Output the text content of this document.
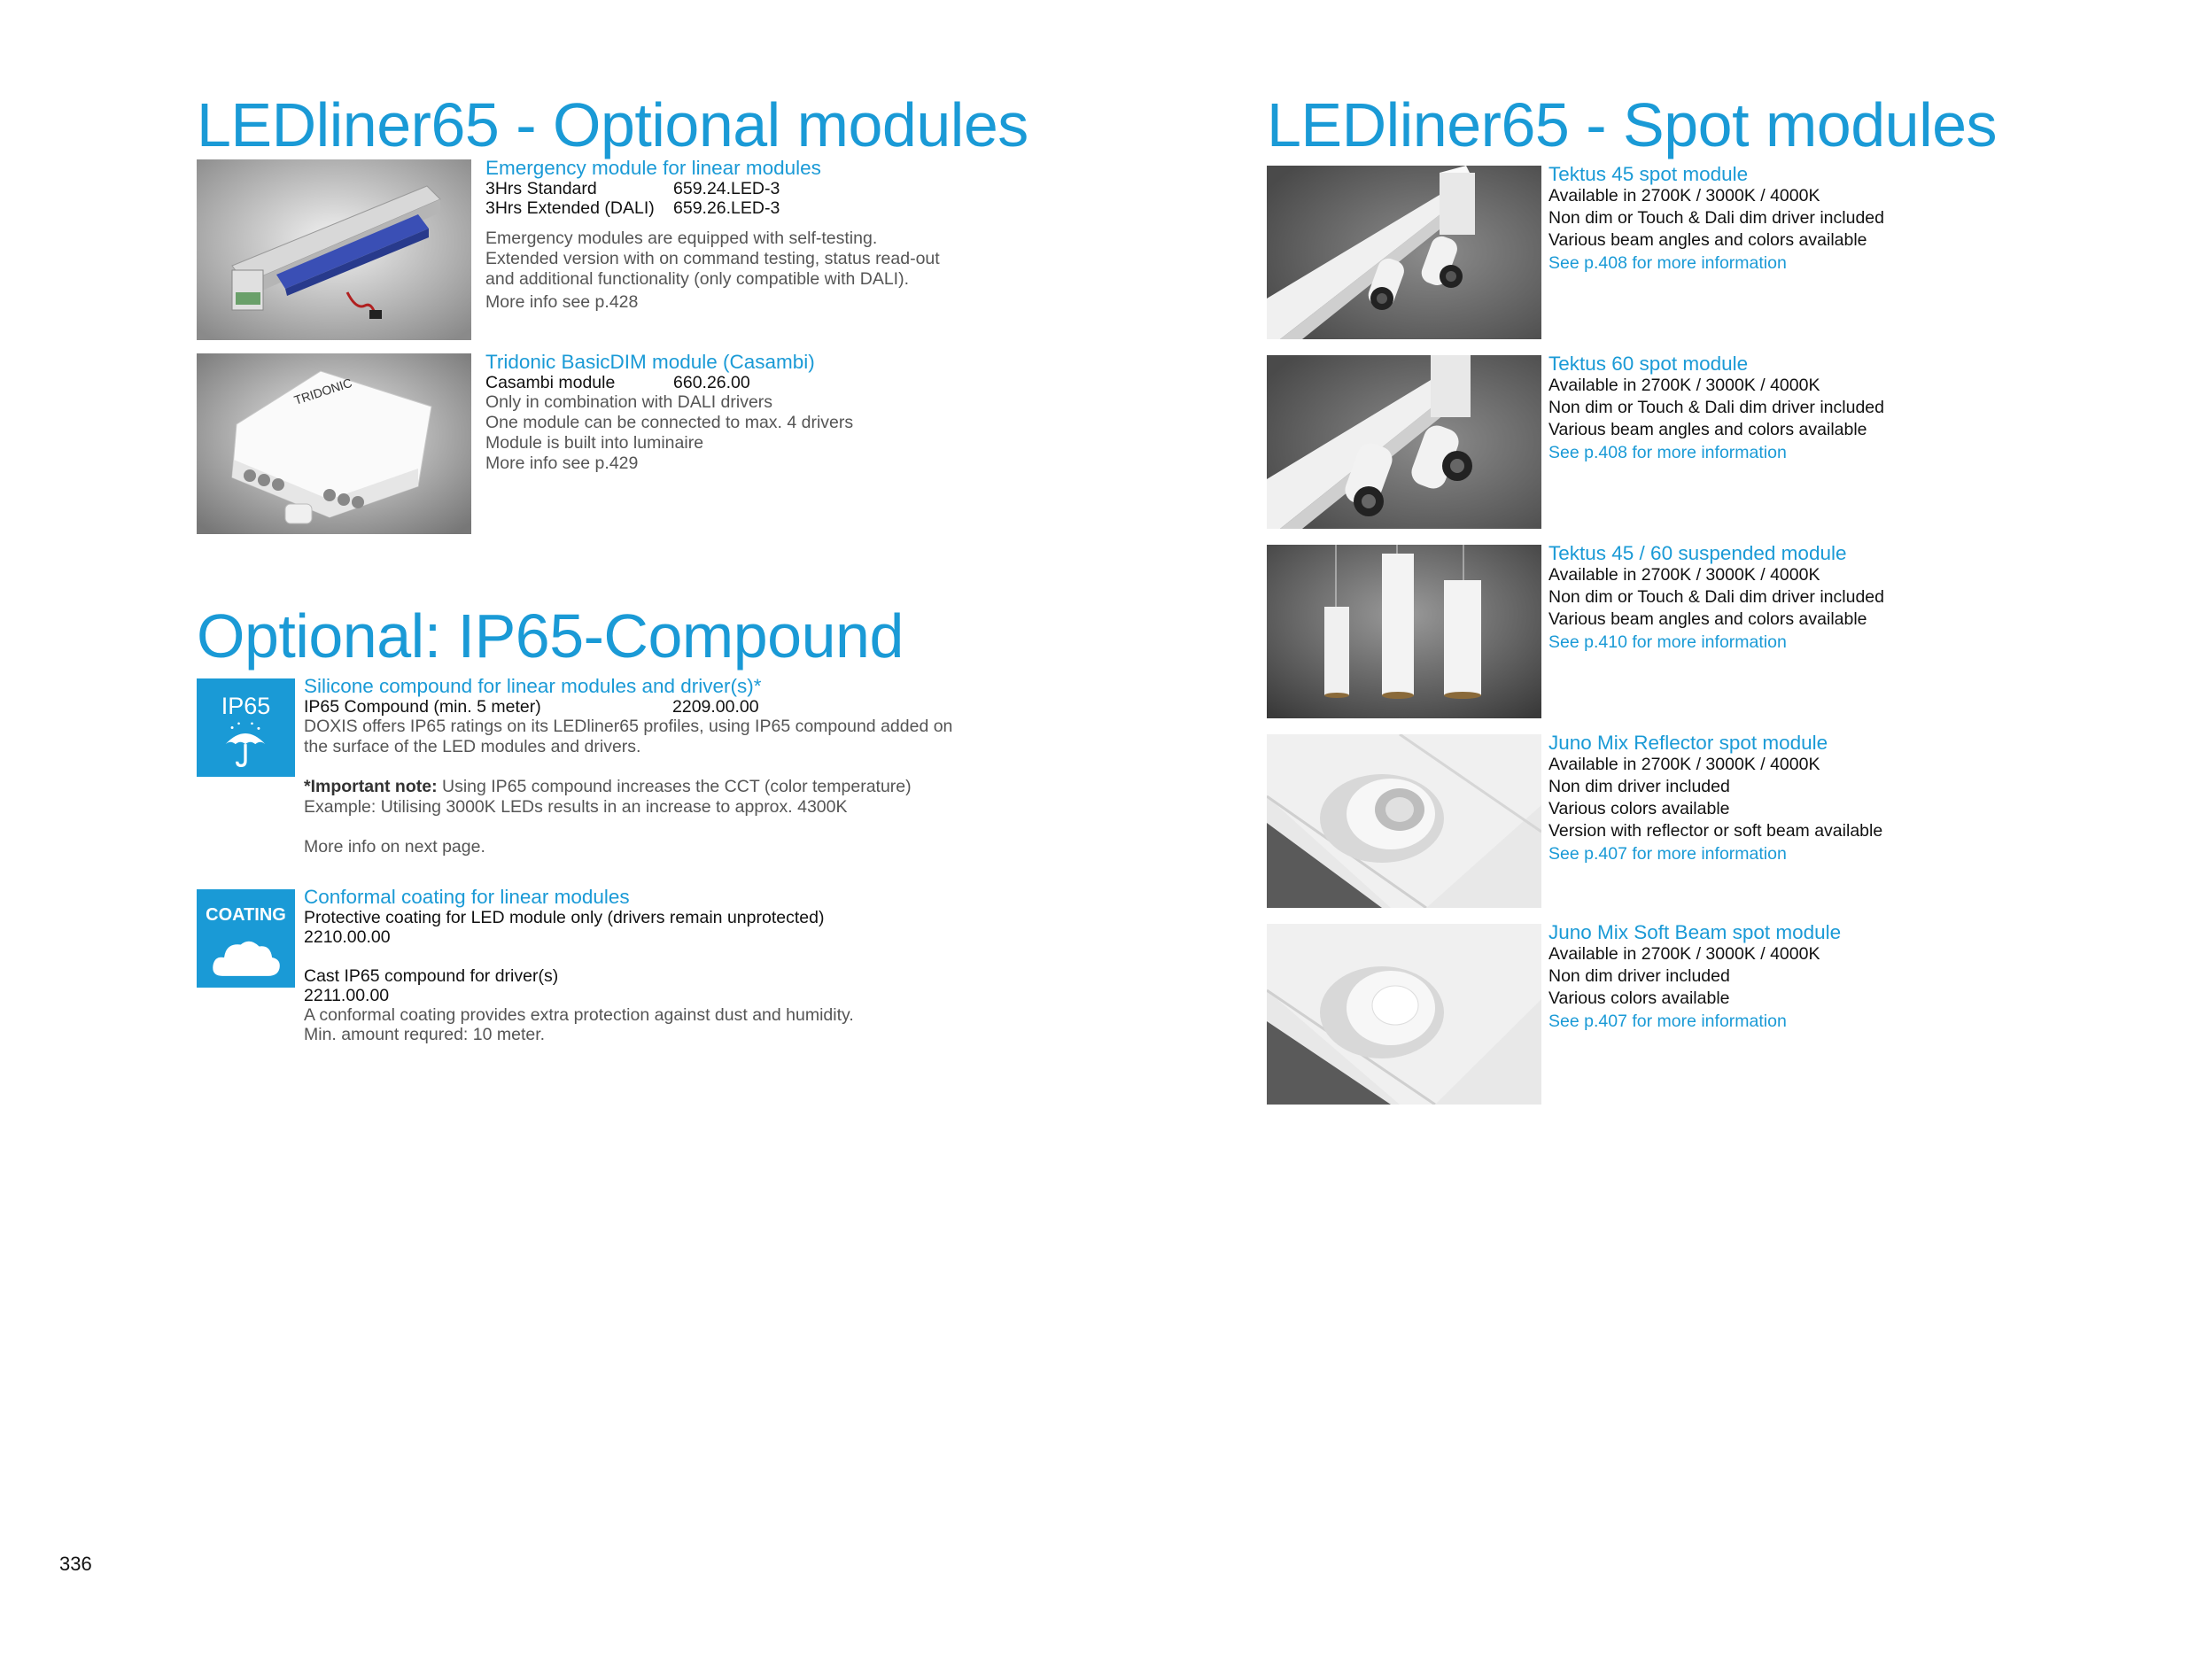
LEDliner65 - Optional modules
Emergency module for linear modules
3Hrs Standard	659.24.LED-3
3Hrs Extended (DALI)	659.26.LED-3
Emergency modules are equipped with self-testing.
Extended version with on command testing, status read-out
and additional functionality (only compatible with DALI).
More info see p.428
TRIDONIC
Tridonic BasicDIM module (Casambi)
Casambi module	660.26.00
Only in combination with DALI drivers
One module can be connected to max. 4 drivers
Module is built into luminaire
More info see p.429
Optional: IP65-Compound
IP65
Silicone compound for linear modules and driver(s)*
IP65 Compound (min. 5 meter)	2209.00.00
DOXIS offers IP65 ratings on its LEDliner65 profiles, using IP65 compound added on
the surface of the LED modules and drivers.
*Important note: Using IP65 compound increases the CCT (color temperature)
Example: Utilising 3000K LEDs results in an increase to approx. 4300K
More info on next page.
COATING
Conformal coating for linear modules
Protective coating for LED module only (drivers remain unprotected)
2210.00.00
Cast IP65 compound for driver(s)
2211.00.00
A conformal coating provides extra protection against dust and humidity.
Min. amount requred: 10 meter.
LEDliner65 - Spot modules
Tektus 45 spot module
Available in 2700K / 3000K / 4000K
Non dim or Touch & Dali dim driver included
Various beam angles and colors available
See p.408 for more information
Tektus 60 spot module
Available in 2700K / 3000K / 4000K
Non dim or Touch & Dali dim driver included
Various beam angles and colors available
See p.408 for more information
Tektus 45 / 60 suspended module
Available in 2700K / 3000K / 4000K
Non dim or Touch & Dali dim driver included
Various beam angles and colors available
See p.410 for more information
Juno Mix Reflector spot module
Available in 2700K / 3000K / 4000K
Non dim driver included
Various colors available
Version with reflector or soft beam available
See p.407 for more information
Juno Mix Soft Beam spot module
Available in 2700K / 3000K / 4000K
Non dim driver included
Various colors available
See p.407 for more information
336
